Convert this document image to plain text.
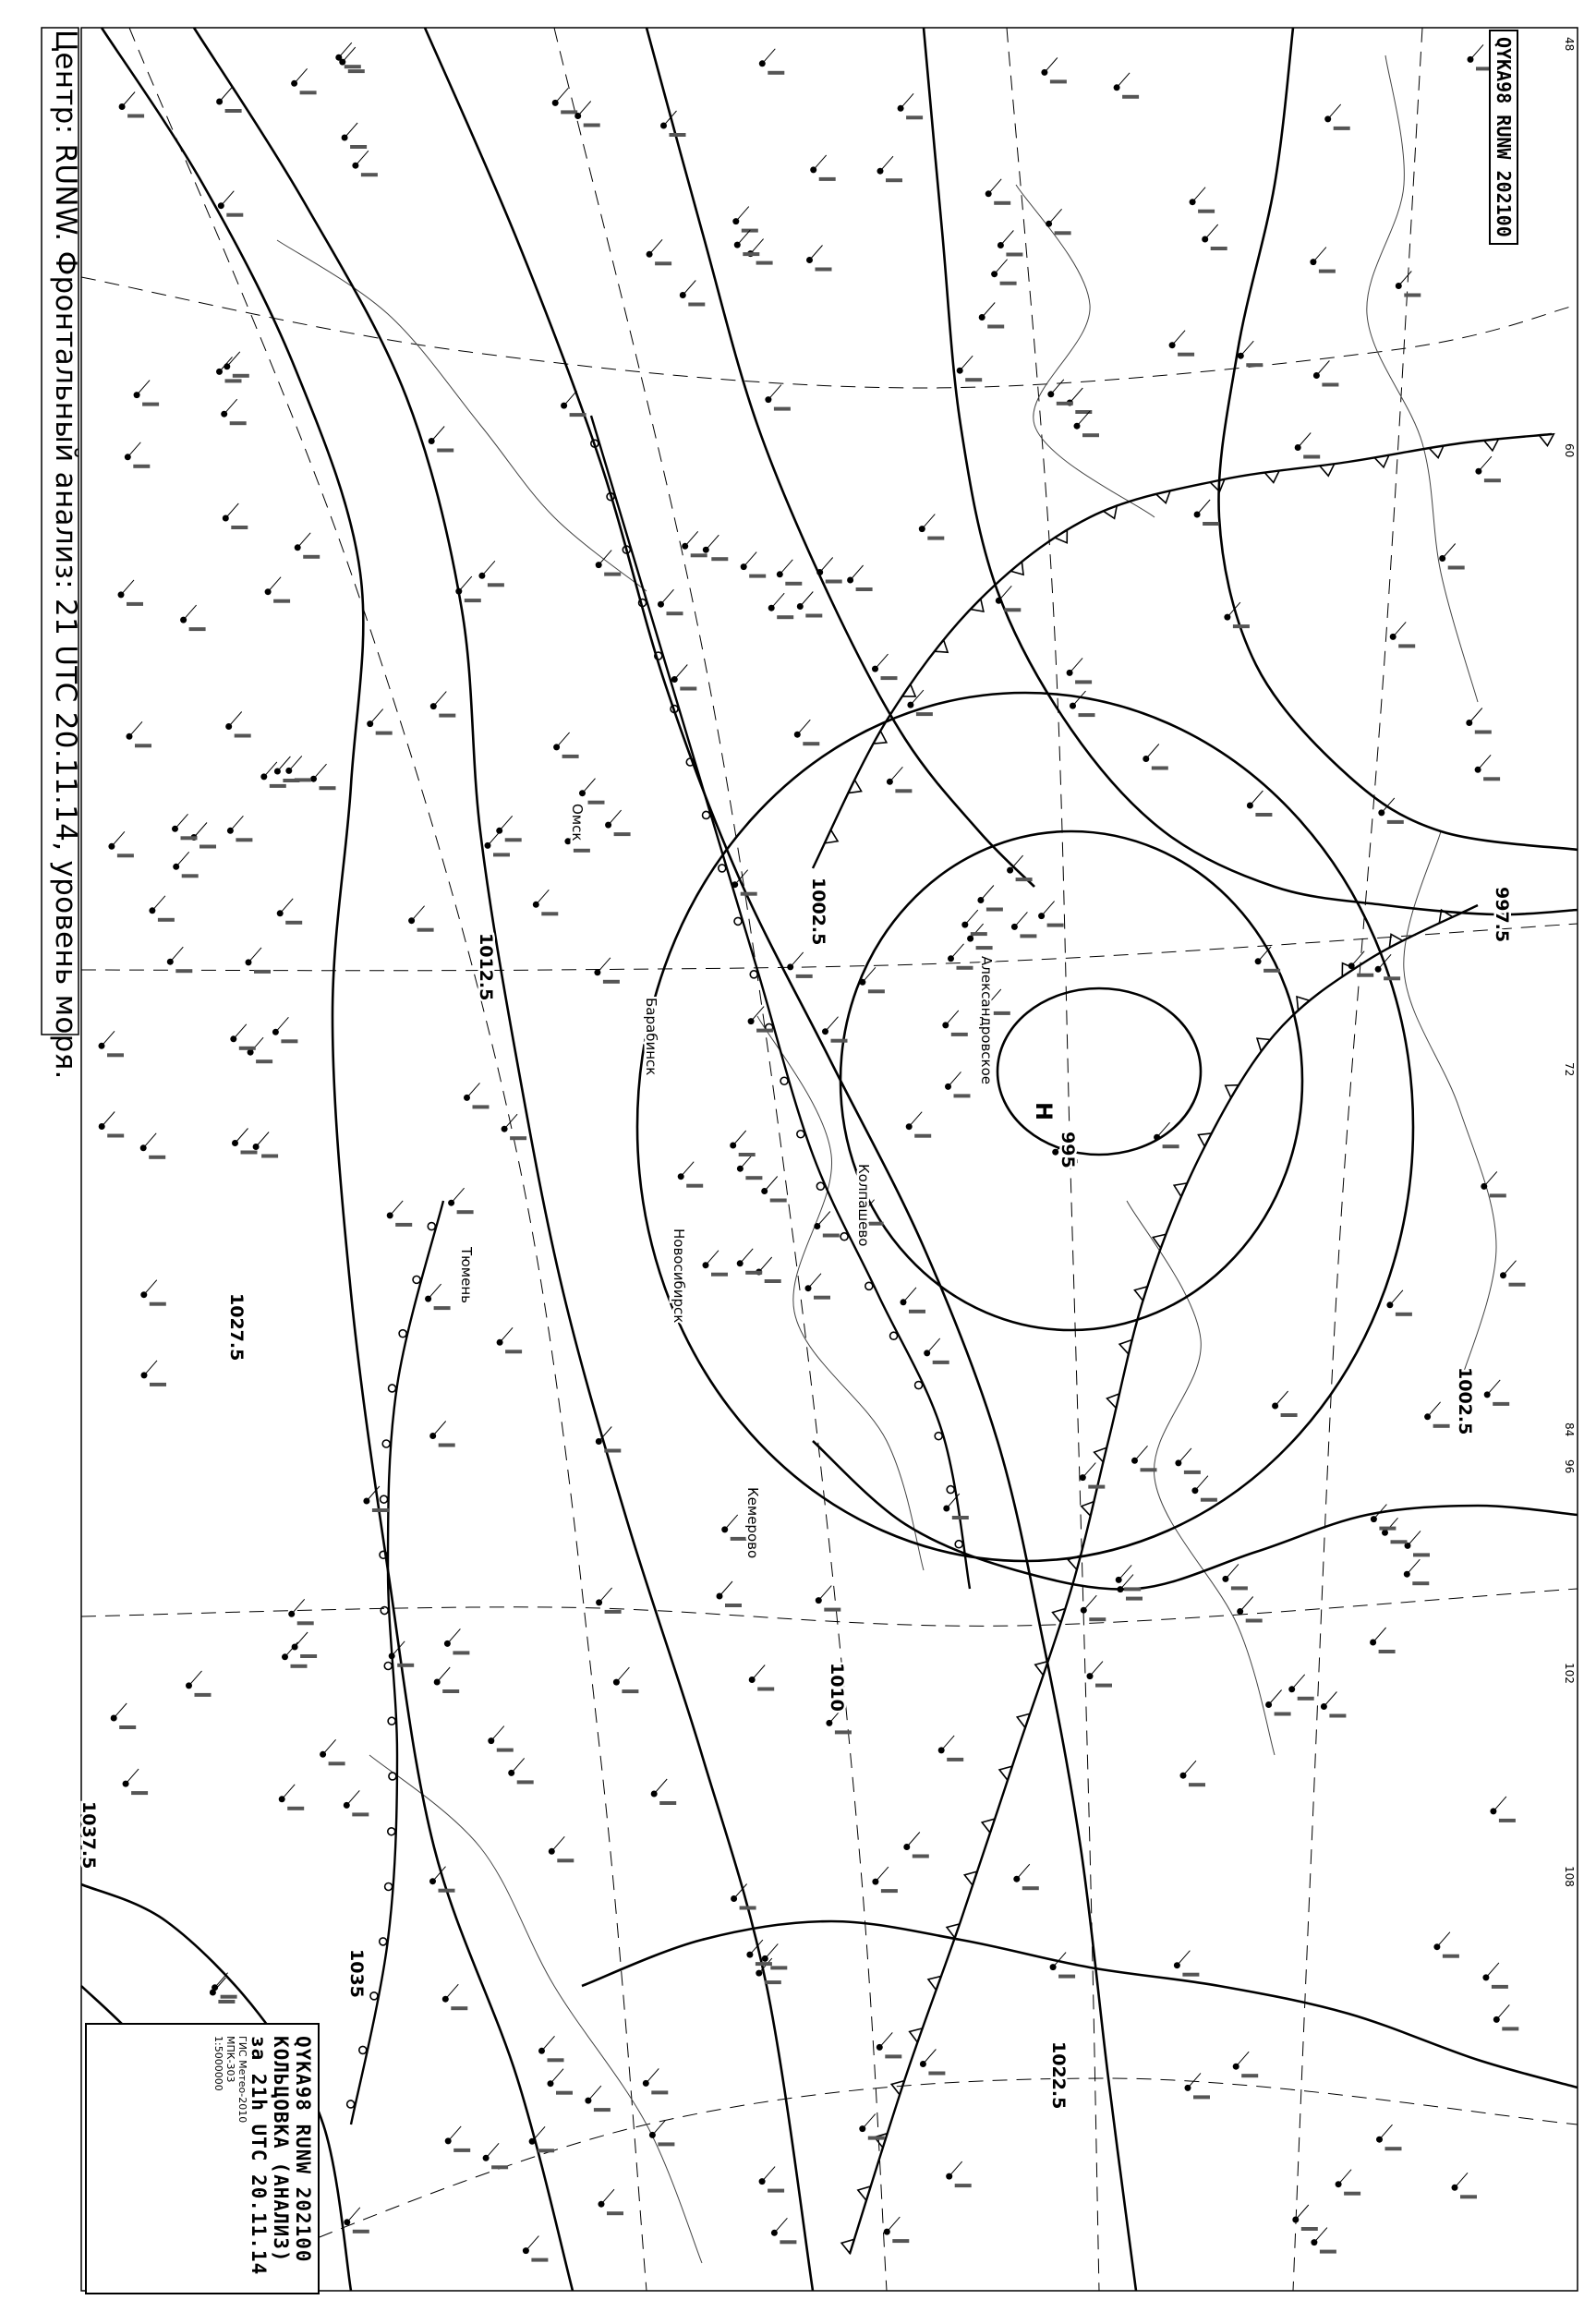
1037.5
1035
1027.5
1022.5
1012.5
1010
1002.5
1002.5
997.5
995
Н
Александровское
Новосибирск
Барабинск
Кемерово
Тюмень
Омск
Колпашево
48
60
72
84
96
102
108
Центр: RUNW. Фронтальный анализ: 21 UTC 20.11.14, уровень моря.	QYKA98 RUNW 202100
QYKA98 RUNW 202100
КОЛЬЦОВКА (АНАЛИЗ)
за 21h UTC 20.11.14
ГИС Метео-2010
МПК-303
1:5000000
